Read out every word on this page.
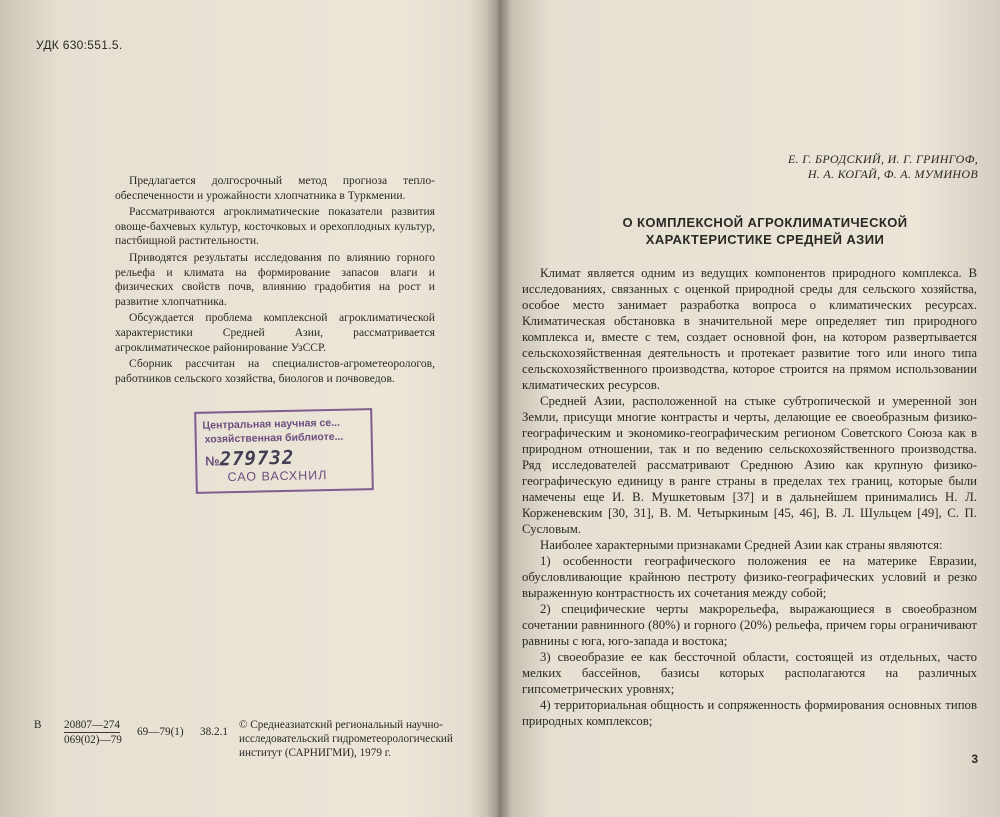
УДК 630:551.5.

Предлагается долгосрочный метод прогноза тепло-обеспеченности и урожайности хлопчатника в Туркмении.

Рассматриваются агроклиматические показатели развития овоще-бахчевых культур, косточковых и орехоплодных культур, пастбищной растительности.

Приводятся результаты исследования по влиянию горного рельефа и климата на формирование запасов влаги и физических свойств почв, влиянию градобития на рост и развитие хлопчатника.

Обсуждается проблема комплексной агроклиматической характеристики Средней Азии, рассматривается агроклиматическое районирование УзССР.

Сборник рассчитан на специалистов-агрометеорологов, работников сельского хозяйства, биологов и почвоведов.

Центральная научная се...
хозяйственная библиоте...
№279732
САО ВАСХНИЛ
В 20807—274
069(02)—79
69—79(1) 38.2.1
© Среднеазиатский региональный научно-исследовательский гидрометеорологический институт (САРНИГМИ), 1979 г.
Е. Г. БРОДСКИЙ, И. Г. ГРИНГОФ,
Н. А. КОГАЙ, Ф. А. МУМИНОВ
О КОМПЛЕКСНОЙ АГРОКЛИМАТИЧЕСКОЙ
ХАРАКТЕРИСТИКЕ СРЕДНЕЙ АЗИИ

Климат является одним из ведущих компонентов природного комплекса. В исследованиях, связанных с оценкой природной среды для сельского хозяйства, особое место занимает разработка вопроса о климатических ресурсах. Климатическая обстановка в значительной мере определяет тип природного комплекса и, вместе с тем, создает основной фон, на котором развертывается сельскохозяйственная деятельность и протекает развитие того или иного типа сельскохозяйственного производства, которое строится на прямом использовании климатических ресурсов.

Средней Азии, расположенной на стыке субтропической и умеренной зон Земли, присущи многие контрасты и черты, делающие ее своеобразным физико-географическим и экономико-географическим регионом Советского Союза как в природном отношении, так и по ведению сельскохозяйственного производства. Ряд исследователей рассматривают Среднюю Азию как крупную физико-географическую единицу в ранге страны в пределах тех границ, которые были намечены еще И. В. Мушкетовым [37] и в дальнейшем принимались Н. Л. Корженевским [30, 31], В. М. Четыркиным [45, 46], В. Л. Шульцем [49], С. П. Сусловым.

Наиболее характерными признаками Средней Азии как страны являются:

1) особенности географического положения ее на материке Евразии, обусловливающие крайнюю пестроту физико-географических условий и резко выраженную контрастность их сочетания между собой;

2) специфические черты макрорельефа, выражающиеся в своеобразном сочетании равнинного (80%) и горного (20%) рельефа, причем горы ограничивают равнины с юга, юго-запада и востока;

3) своеобразие ее как бессточной области, состоящей из отдельных, часто мелких бассейнов, базисы которых располагаются на различных гипсометрических уровнях;

4) территориальная общность и сопряженность формирования основных типов природных комплексов;

3
